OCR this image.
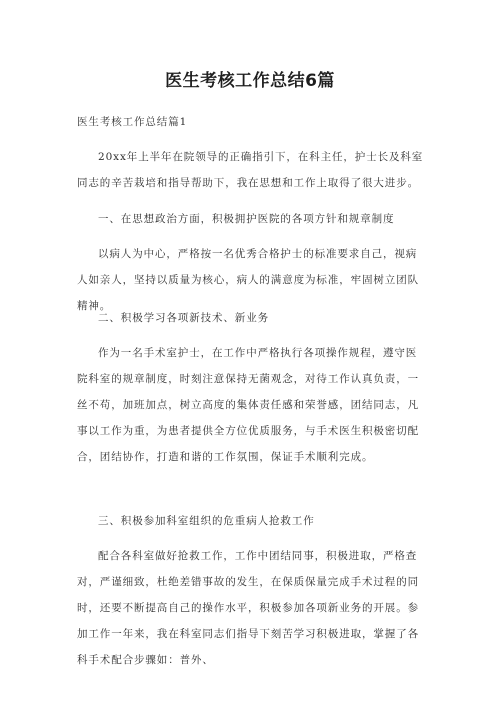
医生考核工作总结6篇

医生考核工作总结篇1

20xx年上半年在院领导的正确指引下，在科主任，护士长及科室同志的辛苦栽培和指导帮助下，我在思想和工作上取得了很大进步。

一、在思想政治方面，积极拥护医院的各项方针和规章制度

以病人为中心，严格按一名优秀合格护士的标准要求自己，视病人如亲人，坚持以质量为核心，病人的满意度为标准，牢固树立团队精神。

二、积极学习各项新技术、新业务

作为一名手术室护士，在工作中严格执行各项操作规程，遵守医院科室的规章制度，时刻注意保持无菌观念，对待工作认真负责，一丝不苟，加班加点，树立高度的集体责任感和荣誉感，团结同志，凡事以工作为重，为患者提供全方位优质服务，与手术医生积极密切配合，团结协作，打造和谐的工作氛围，保证手术顺利完成。

三、积极参加科室组织的危重病人抢救工作

配合各科室做好抢救工作，工作中团结同事，积极进取，严格查对，严谨细致，杜绝差错事故的发生，在保质保量完成手术过程的同时，还要不断提高自己的操作水平，积极参加各项新业务的开展。参加工作一年来，我在科室同志们指导下刻苦学习积极进取，掌握了各科手术配合步骤如：普外、
